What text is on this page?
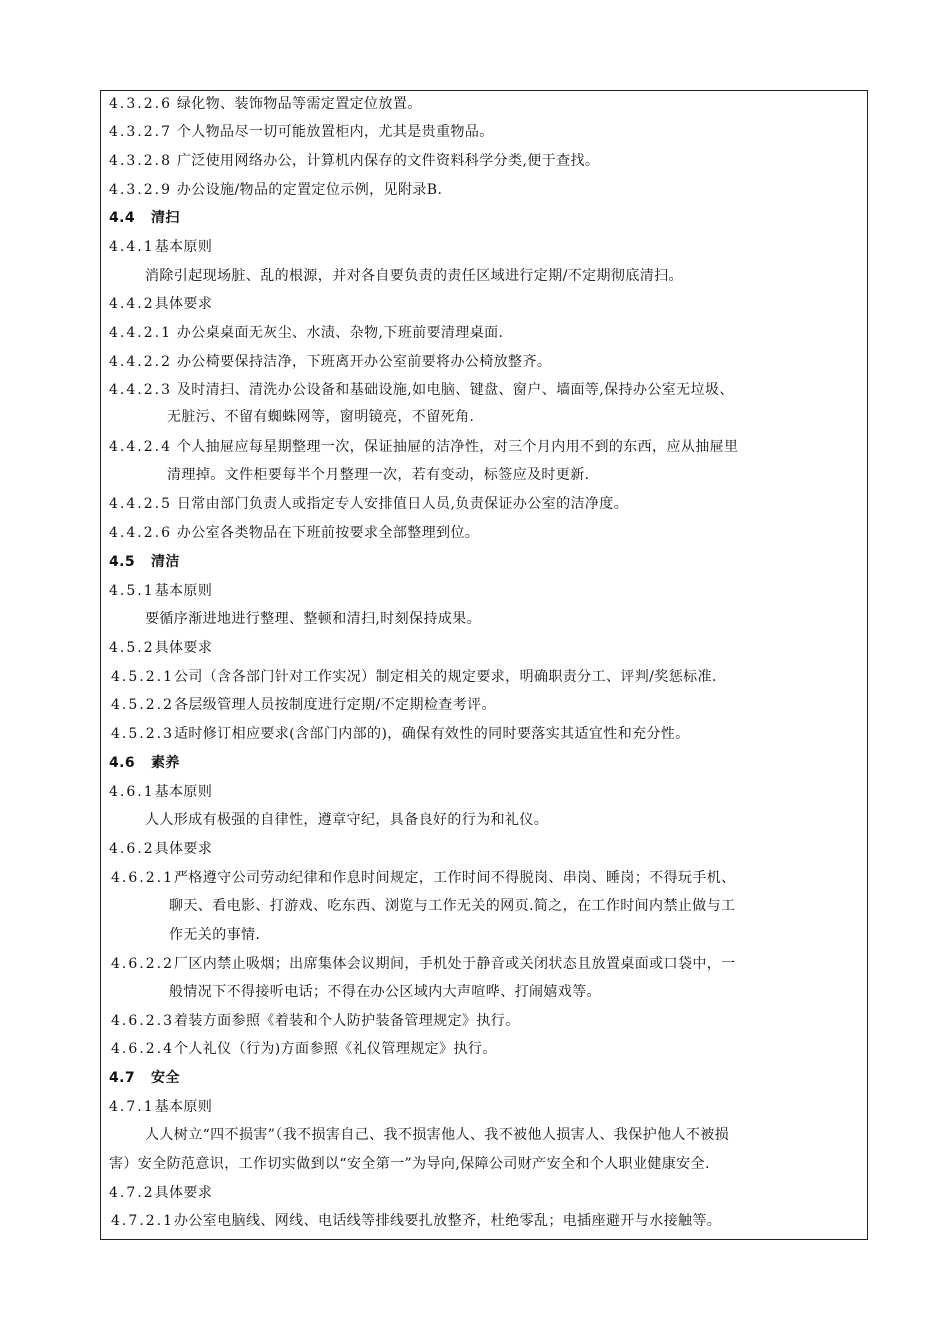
4.3.2.6 绿化物、装饰物品等需定置定位放置。
4.3.2.7 个人物品尽一切可能放置柜内，尤其是贵重物品。
4.3.2.8 广泛使用网络办公，计算机内保存的文件资料科学分类,便于查找。
4.3.2.9 办公设施/物品的定置定位示例，见附录B.
4.4 清扫
4.4.1基本原则
消除引起现场脏、乱的根源，并对各自要负责的责任区域进行定期/不定期彻底清扫。
4.4.2具体要求
4.4.2.1 办公桌桌面无灰尘、水渍、杂物,下班前要清理桌面.
4.4.2.2 办公椅要保持洁净，下班离开办公室前要将办公椅放整齐。
4.4.2.3 及时清扫、清洗办公设备和基础设施,如电脑、键盘、窗户、墙面等,保持办公室无垃圾、
无脏污、不留有蜘蛛网等，窗明镜亮，不留死角.
4.4.2.4 个人抽屉应每星期整理一次，保证抽屉的洁净性，对三个月内用不到的东西，应从抽屉里
清理掉。文件柜要每半个月整理一次，若有变动，标签应及时更新.
4.4.2.5 日常由部门负责人或指定专人安排值日人员,负责保证办公室的洁净度。
4.4.2.6 办公室各类物品在下班前按要求全部整理到位。
4.5 清洁
4.5.1基本原则
要循序渐进地进行整理、整顿和清扫,时刻保持成果。
4.5.2具体要求
4.5.2.1公司（含各部门针对工作实况）制定相关的规定要求，明确职责分工、评判/奖惩标准.
4.5.2.2各层级管理人员按制度进行定期/不定期检查考评。
4.5.2.3适时修订相应要求(含部门内部的)，确保有效性的同时要落实其适宜性和充分性。
4.6 素养
4.6.1基本原则
人人形成有极强的自律性，遵章守纪，具备良好的行为和礼仪。
4.6.2具体要求
4.6.2.1严格遵守公司劳动纪律和作息时间规定，工作时间不得脱岗、串岗、睡岗；不得玩手机、
聊天、看电影、打游戏、吃东西、浏览与工作无关的网页.简之，在工作时间内禁止做与工
作无关的事情.
4.6.2.2厂区内禁止吸烟；出席集体会议期间，手机处于静音或关闭状态且放置桌面或口袋中，一
般情况下不得接听电话；不得在办公区域内大声喧哗、打闹嬉戏等。
4.6.2.3着装方面参照《着装和个人防护装备管理规定》执行。
4.6.2.4个人礼仪（行为)方面参照《礼仪管理规定》执行。
4.7 安全
4.7.1基本原则
人人树立“四不损害”（我不损害自己、我不损害他人、我不被他人损害人、我保护他人不被损
害）安全防范意识，工作切实做到以“安全第一”为导向,保障公司财产安全和个人职业健康安全.
4.7.2具体要求
4.7.2.1办公室电脑线、网线、电话线等排线要扎放整齐，杜绝零乱；电插座避开与水接触等。
